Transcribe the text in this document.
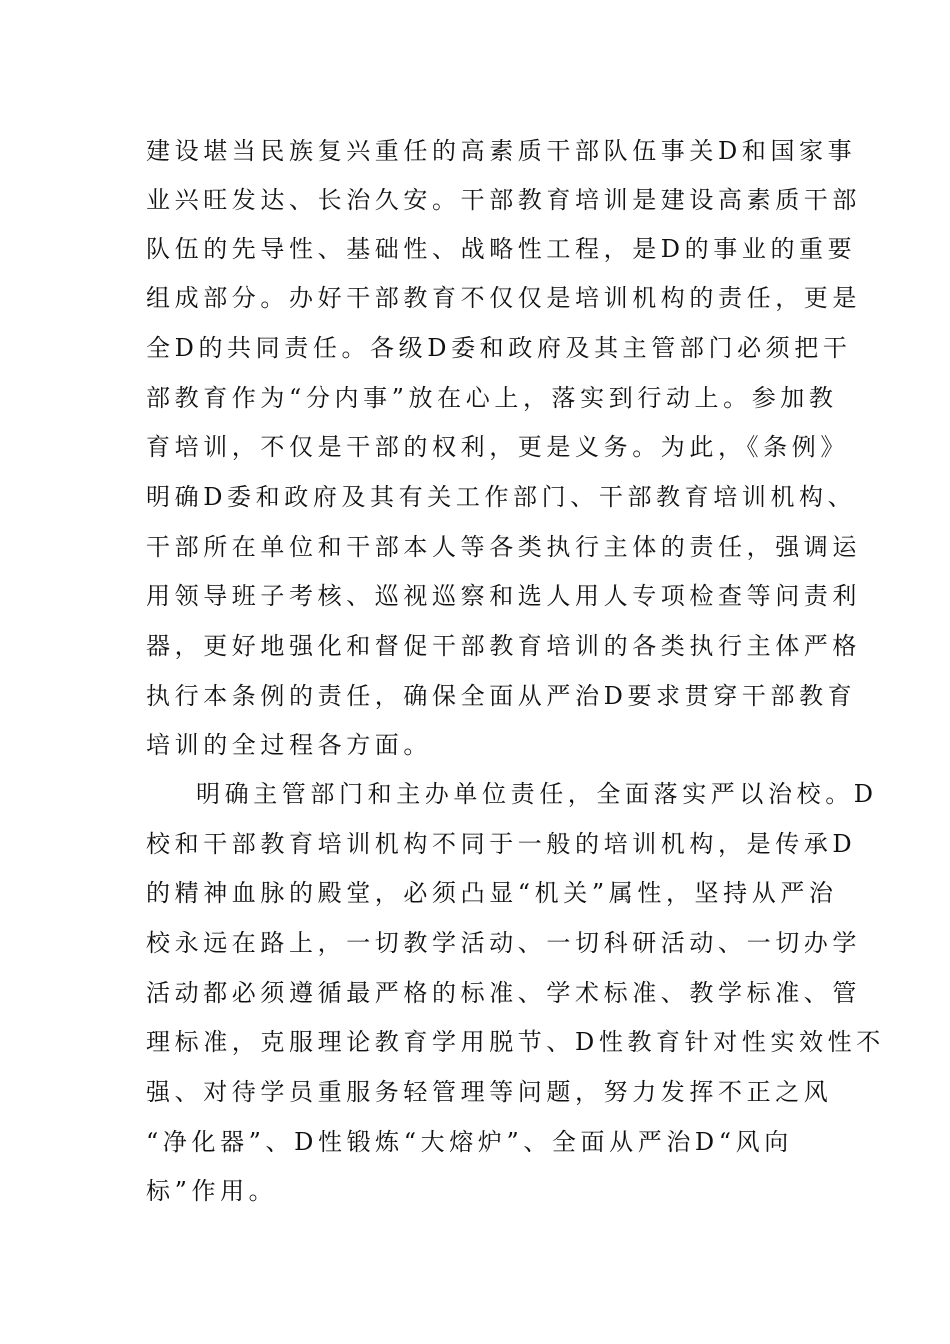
建设堪当民族复兴重任的高素质干部队伍事关D和国家事
业兴旺发达、长治久安。干部教育培训是建设高素质干部
队伍的先导性、基础性、战略性工程，是D的事业的重要
组成部分。办好干部教育不仅仅是培训机构的责任，更是
全D的共同责任。各级D委和政府及其主管部门必须把干
部教育作为“分内事”放在心上，落实到行动上。参加教
育培训，不仅是干部的权利，更是义务。为此，《条例》
明确D委和政府及其有关工作部门、干部教育培训机构、
干部所在单位和干部本人等各类执行主体的责任，强调运
用领导班子考核、巡视巡察和选人用人专项检查等问责利
器，更好地强化和督促干部教育培训的各类执行主体严格
执行本条例的责任，确保全面从严治D要求贯穿干部教育
培训的全过程各方面。
明确主管部门和主办单位责任，全面落实严以治校。D
校和干部教育培训机构不同于一般的培训机构，是传承D
的精神血脉的殿堂，必须凸显“机关”属性，坚持从严治
校永远在路上，一切教学活动、一切科研活动、一切办学
活动都必须遵循最严格的标准、学术标准、教学标准、管
理标准，克服理论教育学用脱节、D性教育针对性实效性不
强、对待学员重服务轻管理等问题，努力发挥不正之风
“净化器”、D性锻炼“大熔炉”、全面从严治D“风向
标”作用。
